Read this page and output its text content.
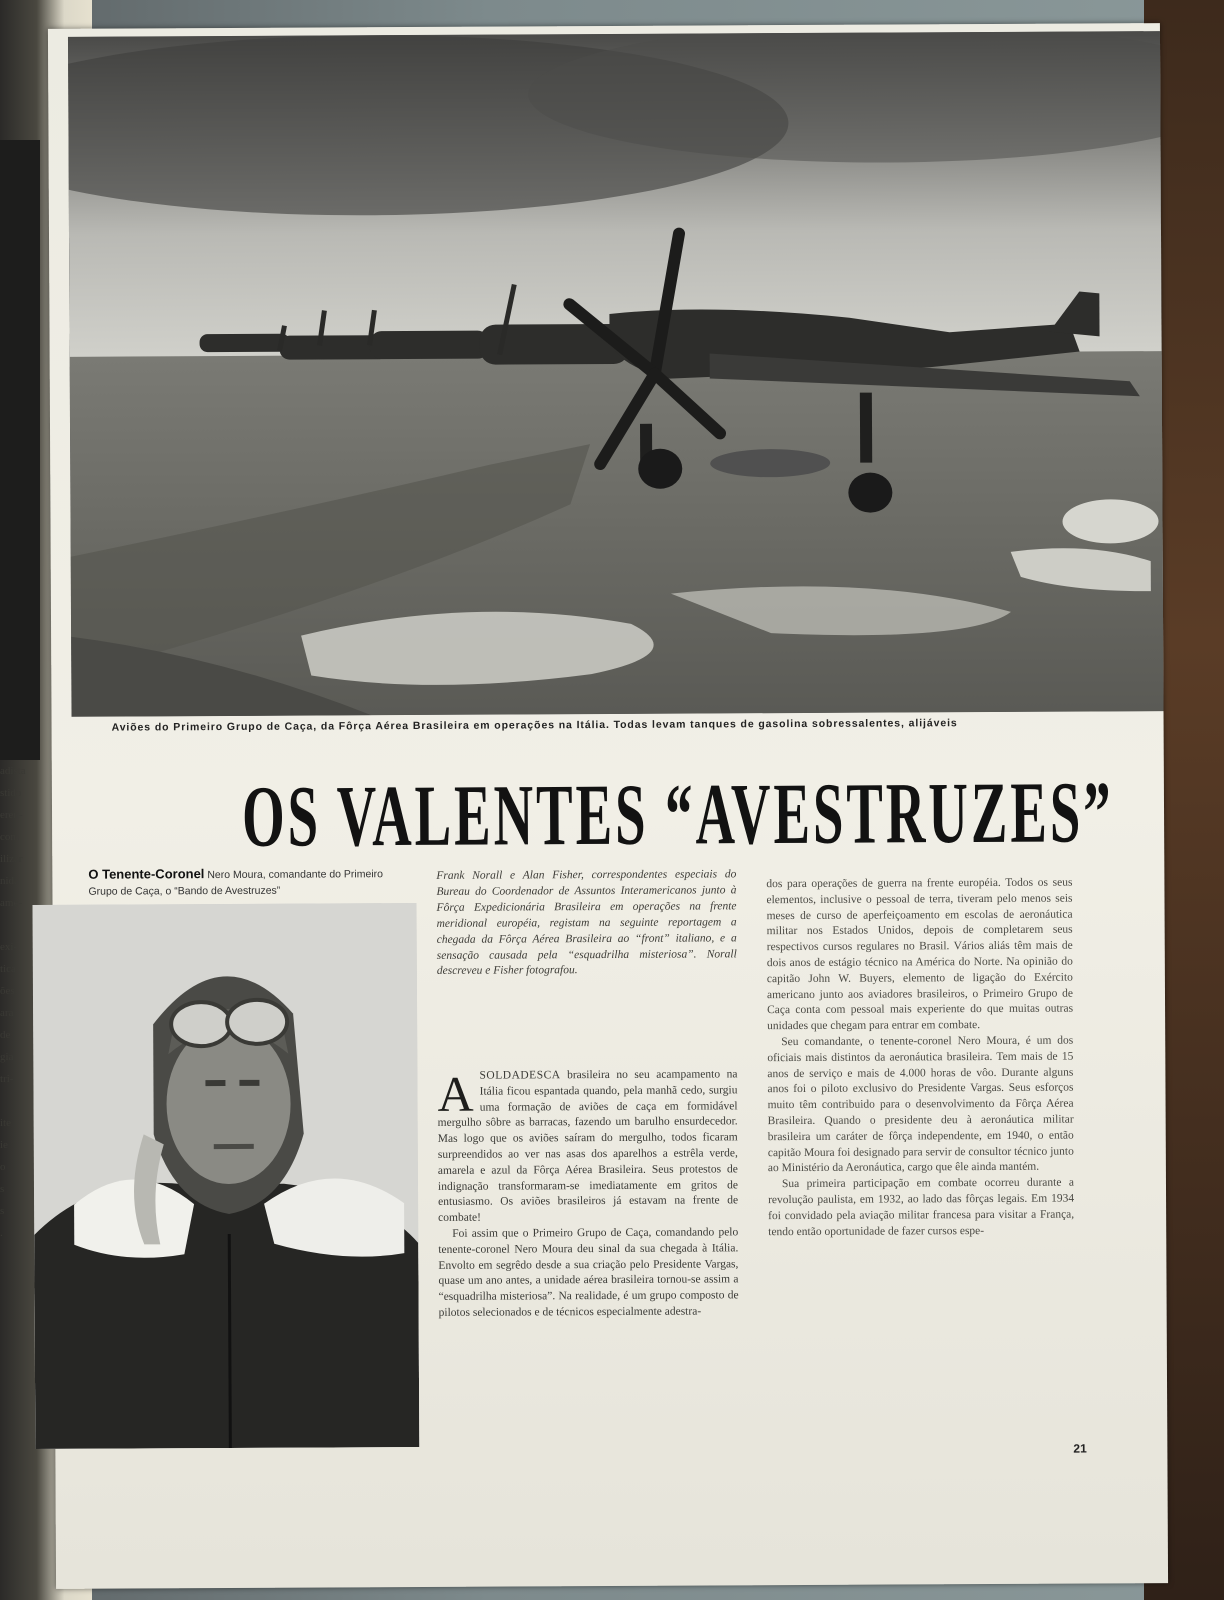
adista
stido
eren-
com
ilizar
nida
ame-

exi-
tica
ões
ara
de
gia
tri-

ite
ie
o
s
s
.
Aviões do Primeiro Grupo de Caça, da Fôrça Aérea Brasileira em operações na Itália. Todas levam tanques de gasolina sobressalentes, alijáveis
OS VALENTES “AVESTRUZES”
O Tenente-Coronel Nero Moura, comandante do Primeiro Grupo de Caça, o “Bando de Avestruzes”
Frank Norall e Alan Fisher, correspondentes especiais do Bureau do Coordenador de Assuntos Interamericanos junto à Fôrça Expedicionária Brasileira em operações na frente meridional européia, registam na seguinte reportagem a chegada da Fôrça Aérea Brasileira ao “front” italiano, e a sensação causada pela “esquadrilha misteriosa”. Norall descreveu e Fisher fotografou.

ASOLDADESCA brasileira no seu acampamento na Itália ficou espantada quando, pela manhã cedo, surgiu uma formação de aviões de caça em formidável mergulho sôbre as barracas, fazendo um barulho ensurdecedor. Mas logo que os aviões saíram do mergulho, todos ficaram surpreendidos ao ver nas asas dos aparelhos a estrêla verde, amarela e azul da Fôrça Aérea Brasileira. Seus protestos de indignação transformaram-se imediatamente em gritos de entusiasmo. Os aviões brasileiros já estavam na frente de combate!

Foi assim que o Primeiro Grupo de Caça, comandando pelo tenente-coronel Nero Moura deu sinal da sua chegada à Itália. Envolto em segrêdo desde a sua criação pelo Presidente Vargas, quase um ano antes, a unidade aérea brasileira tornou-se assim a “esquadrilha misteriosa”. Na realidade, é um grupo composto de pilotos selecionados e de técnicos especialmente adestra-

dos para operações de guerra na frente européia. Todos os seus elementos, inclusive o pessoal de terra, tiveram pelo menos seis meses de curso de aperfeiçoamento em escolas de aeronáutica militar nos Estados Unidos, depois de completarem seus respectivos cursos regulares no Brasil. Vários aliás têm mais de dois anos de estágio técnico na América do Norte. Na opinião do capitão John W. Buyers, elemento de ligação do Exército americano junto aos aviadores brasileiros, o Primeiro Grupo de Caça conta com pessoal mais experiente do que muitas outras unidades que chegam para entrar em combate.

Seu comandante, o tenente-coronel Nero Moura, é um dos oficiais mais distintos da aeronáutica brasileira. Tem mais de 15 anos de serviço e mais de 4.000 horas de vôo. Durante alguns anos foi o piloto exclusivo do Presidente Vargas. Seus esforços muito têm contribuido para o desenvolvimento da Fôrça Aérea Brasileira. Quando o presidente deu à aeronáutica militar brasileira um caráter de fôrça independente, em 1940, o então capitão Moura foi designado para servir de consultor técnico junto ao Ministério da Aeronáutica, cargo que êle ainda mantém.

Sua primeira participação em combate ocorreu durante a revolução paulista, em 1932, ao lado das fôrças legais. Em 1934 foi convidado pela aviação militar francesa para visitar a França, tendo então oportunidade de fazer cursos espe-

21
